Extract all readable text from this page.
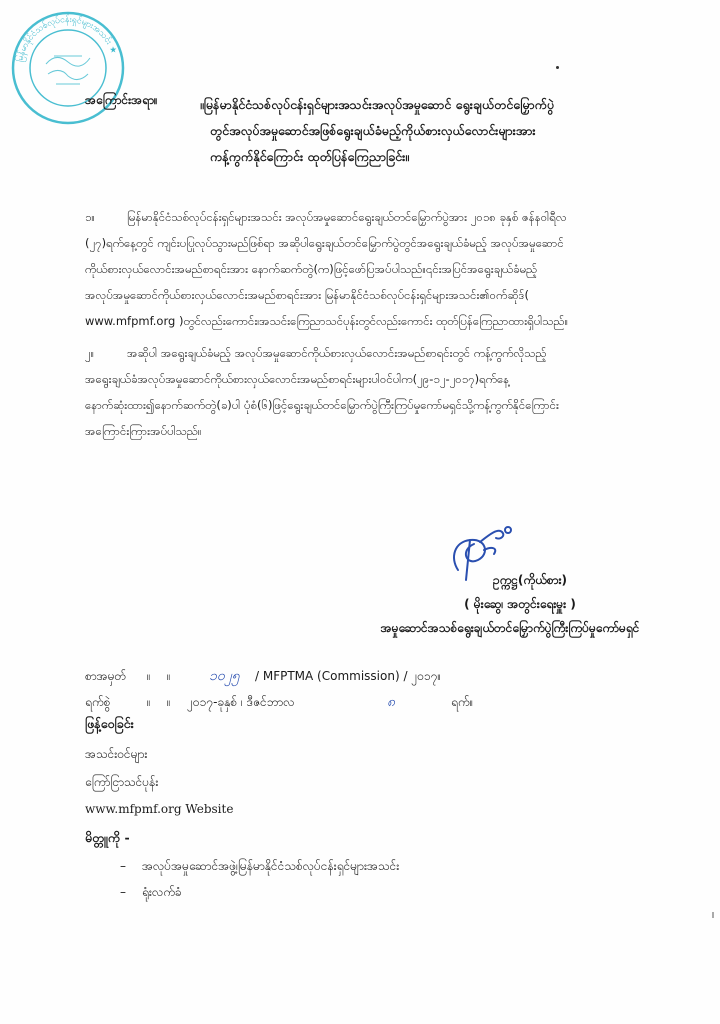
မြန်မာနိုင်ငံသစ်လုပ်ငန်းရှင်များအသင်း ★
အကြောင်းအရာ။	။မြန်မာနိုင်ငံသစ်လုပ်ငန်းရှင်များအသင်းအလုပ်အမှုဆောင် ရွေးချယ်တင်မြှောက်ပွဲ
တွင်အလုပ်အမှုဆောင်အဖြစ်ရွေးချယ်ခံမည့်ကိုယ်စားလှယ်လောင်းများအား
ကန့်ကွက်နိုင်ကြောင်း ထုတ်ပြန်ကြေညာခြင်း။
၁။	မြန်မာနိုင်ငံသစ်လုပ်ငန်းရှင်များအသင်း အလုပ်အမှုဆောင်ရွေးချယ်တင်မြှောက်ပွဲအား ၂၀၁၈ ခုနှစ် ဇန်နဝါရီလ
(၂၇)ရက်နေ့တွင် ကျင်းပပြုလုပ်သွားမည်ဖြစ်ရာ အဆိုပါရွေးချယ်တင်မြှောက်ပွဲတွင်အရွေးချယ်ခံမည့် အလုပ်အမှုဆောင်
ကိုယ်စားလှယ်လောင်းအမည်စာရင်းအား နောက်ဆက်တွဲ(က)ဖြင့်ဖော်ပြအပ်ပါသည်။၎င်းအပြင်အရွေးချယ်ခံမည့်
အလုပ်အမှုဆောင်ကိုယ်စားလှယ်လောင်းအမည်စာရင်းအား မြန်မာနိုင်ငံသစ်လုပ်ငန်းရှင်များအသင်း၏ဝက်ဆိုဒ်(
www.mfpmf.org )တွင်လည်းကောင်း၊အသင်းကြေညာသင်ပုန်းတွင်လည်းကောင်း ထုတ်ပြန်ကြေညာထားရှိပါသည်။
၂။	အဆိုပါ အရွေးချယ်ခံမည့် အလုပ်အမှုဆောင်ကိုယ်စားလှယ်လောင်းအမည်စာရင်းတွင် ကန့်ကွက်လိုသည့်
အရွေးချယ်ခံအလုပ်အမှုဆောင်ကိုယ်စားလှယ်လောင်းအမည်စာရင်းများပါဝင်ပါက(၂၉-၁၂-၂၀၁၇)ရက်နေ့
နောက်ဆုံးထား၍နောက်ဆက်တွဲ(ခ)ပါ ပုံစံ(၆)ဖြင့်ရွေးချယ်တင်မြှောက်ပွဲကြီးကြပ်မှုကော်မရှင်သို့ကန့်ကွက်နိုင်ကြောင်း
အကြောင်းကြားအပ်ပါသည်။
ဥက္ကဋ္ဌ(ကိုယ်စား)
( မိုးဆွေ၊ အတွင်းရေးမှူး )
အမှုဆောင်အသစ်ရွေးချယ်တင်မြှောက်ပွဲကြီးကြပ်မှုကော်မရှင်
စာအမှတ် ။ ။	၁၀၂၅ / MFPTMA (Commission) / ၂၀၁၇။
ရက်စွဲ	။ ။ ၂၀၁၇-ခုနှစ် ၊ ဒီဇင်ဘာလ	၈	ရက်။
ဖြန့်ဝေခြင်း
အသင်းဝင်များ
ကြော်ငြာသင်ပုန်း
www.mfpmf.org Website
မိတ္တူကို -
– အလုပ်အမှုဆောင်အဖွဲ့၊မြန်မာနိုင်ငံသစ်လုပ်ငန်းရှင်များအသင်း
– ရုံးလက်ခံ
